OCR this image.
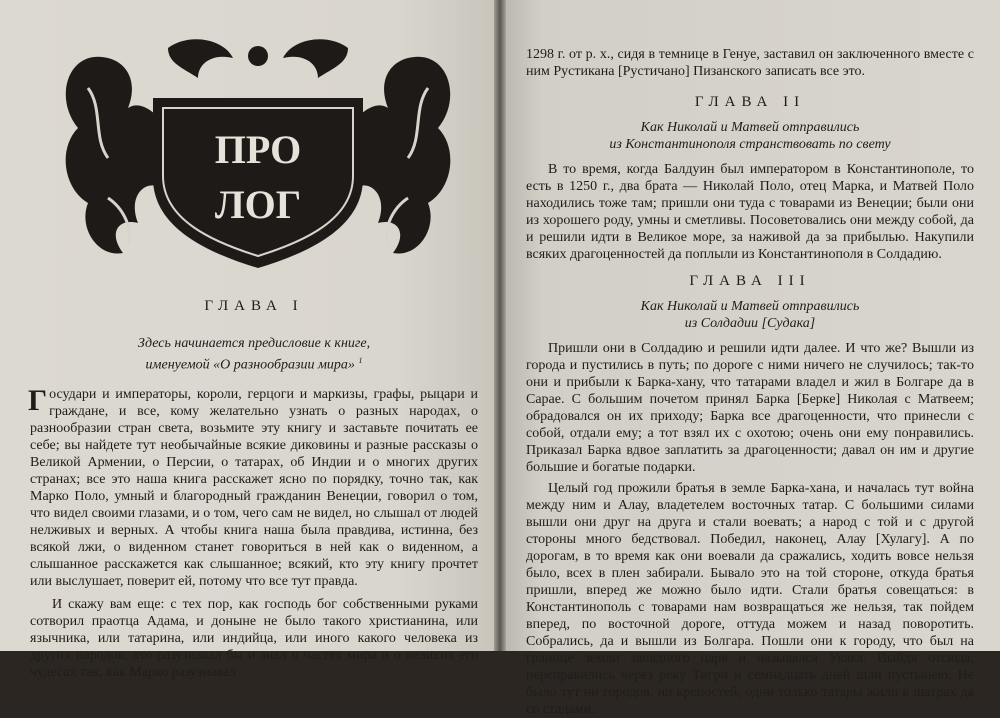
ПРО
ЛОГ
ГЛАВА I
Здесь начинается предисловие к книге,
именуемой «О разнообразии мира» $^1$

Государи и императоры, короли, герцоги и маркизы, графы, рыцари и граждане, и все, кому желательно узнать о разных народах, о разнообразии стран света, возьмите эту книгу и заставьте почитать ее себе; вы найдете тут необычайные всякие диковины и разные рассказы о Великой Армении, о Персии, о татарах, об Индии и о многих других странах; все это наша книга расскажет ясно по порядку, точно так, как Марко Поло, умный и благородный гражданин Венеции, говорил о том, что видел своими глазами, и о том, чего сам не видел, но слышал от людей нелживых и верных. А чтобы книга наша была правдива, истинна, без всякой лжи, о виденном станет говориться в ней как о виденном, а слышанное расскажется как слышанное; всякий, кто эту книгу прочтет или выслушает, поверит ей, потому что все тут правда.

И скажу вам еще: с тех пор, как господь бог собственными руками сотворил праотца Адама, и доныне не было такого христианина, или язычника, или татарина, или индийца, или иного какого человека из других народов, кто разузнавал бы и знал о частях мира и о великих его чудесах так, как Марко разузнавал

1298 г. от р. х., сидя в темнице в Генуе, заставил он заключенного вместе с ним Рустикана [Рустичано] Пизанского записать все это.

ГЛАВА II
Как Николай и Матвей отправились
из Константинополя странствовать по свету

В то время, когда Балдуин был императором в Константинополе, то есть в 1250 г., два брата — Николай Поло, отец Марка, и Матвей Поло находились тоже там; пришли они туда с товарами из Венеции; были они из хорошего роду, умны и сметливы. Посоветовались они между собой, да и решили идти в Великое море, за наживой да за прибылью. Накупили всяких драгоценностей да поплыли из Константинополя в Солдадию.

ГЛАВА III
Как Николай и Матвей отправились
из Солдадии [Судака]

Пришли они в Солдадию и решили идти далее. И что же? Вышли из города и пустились в путь; по дороге с ними ничего не случилось; так-то они и прибыли к Барка-хану, что татарами владел и жил в Болгаре да в Сарае. С большим почетом принял Барка [Берке] Николая с Матвеем; обрадовался он их приходу; Барка все драгоценности, что принесли с собой, отдали ему; а тот взял их с охотою; очень они ему понравились. Приказал Барка вдвое заплатить за драгоценности; давал он им и другие большие и богатые подарки.

Целый год прожили братья в земле Барка-хана, и началась тут война между ним и Алау, владетелем восточных татар. С большими силами вышли они друг на друга и стали воевать; а народ с той и с другой стороны много бедствовал. Победил, наконец, Алау [Хулагу]. А по дорогам, в то время как они воевали да сражались, ходить вовсе нельзя было, всех в плен забирали. Бывало это на той стороне, откуда братья пришли, вперед же можно было идти. Стали братья совещаться: в Константинополь с товарами нам возвращаться же нельзя, так пойдем вперед, по восточной дороге, оттуда можем и назад поворотить. Собрались, да и вышли из Болгара. Пошли они к городу, что был на границе земли западного царя и назывался Укака. Выйдя отсюда, переправились через реку Тигри и семнадцать дней шли пустынею. Не было тут ни городов, ни крепостей, одни только татары жили в шатрах да со стадами.
